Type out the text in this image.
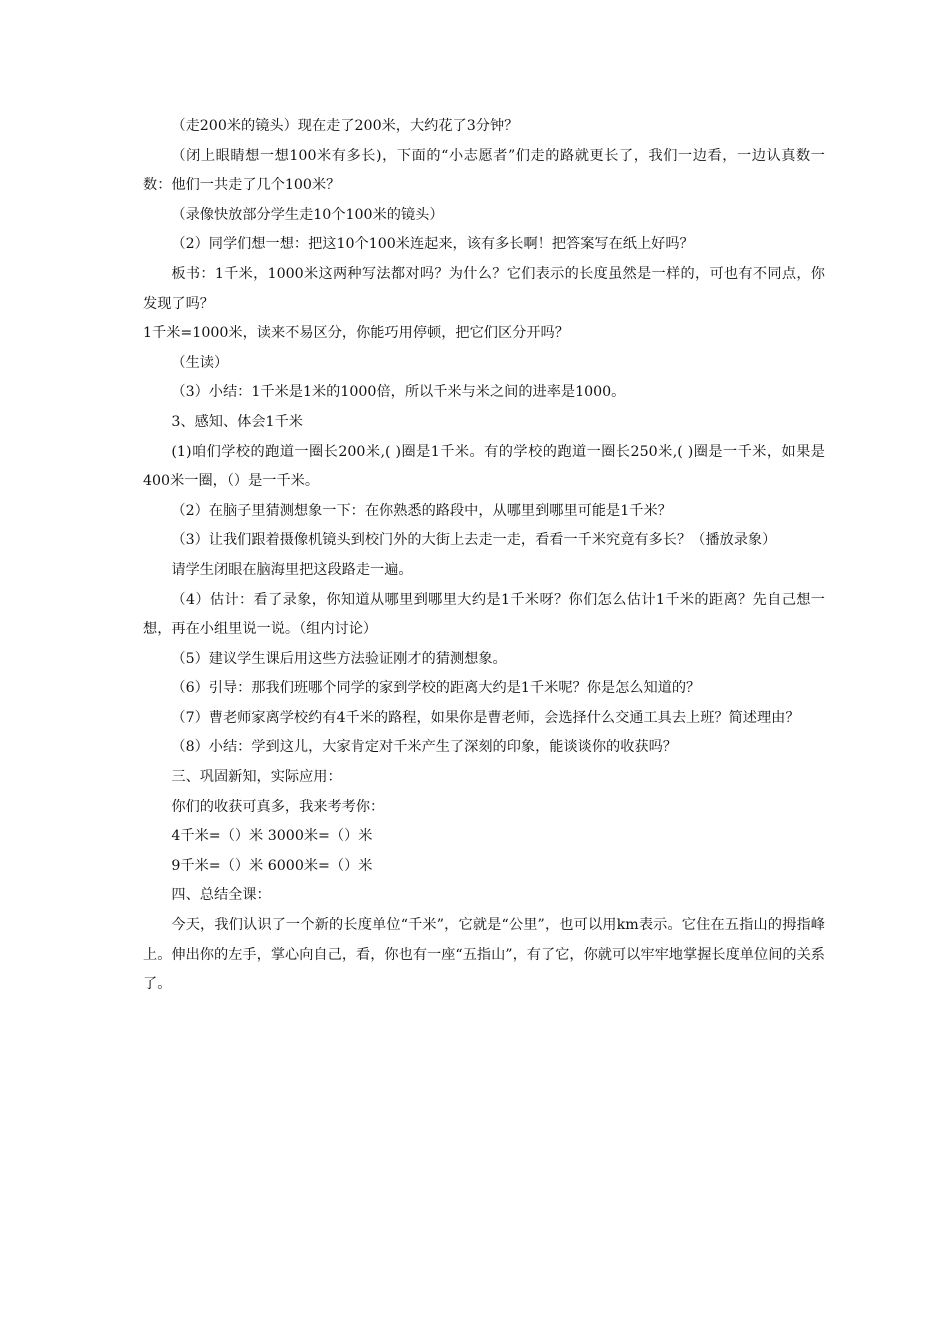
（走200米的镜头）现在走了200米，大约花了3分钟？

（闭上眼睛想一想100米有多长)，下面的“小志愿者”们走的路就更长了，我们一边看，一边认真数一数：他们一共走了几个100米？

（录像快放部分学生走10个100米的镜头）

（2）同学们想一想：把这10个100米连起来，该有多长啊！把答案写在纸上好吗？

板书：1千米，1000米这两种写法都对吗？为什么？它们表示的长度虽然是一样的，可也有不同点，你发现了吗？

1千米=1000米，读来不易区分，你能巧用停顿，把它们区分开吗？

（生读）

（3）小结：1千米是1米的1000倍，所以千米与米之间的进率是1000。

3、感知、体会1千米

(1)咱们学校的跑道一圈长200米,( )圈是1千米。有的学校的跑道一圈长250米,( )圈是一千米，如果是400米一圈，（）是一千米。

（2）在脑子里猜测想象一下：在你熟悉的路段中，从哪里到哪里可能是1千米？

（3）让我们跟着摄像机镜头到校门外的大街上去走一走，看看一千米究竟有多长？（播放录象）

请学生闭眼在脑海里把这段路走一遍。

（4）估计：看了录象，你知道从哪里到哪里大约是1千米呀？你们怎么估计1千米的距离？先自己想一想，再在小组里说一说。（组内讨论）

（5）建议学生课后用这些方法验证刚才的猜测想象。

（6）引导：那我们班哪个同学的家到学校的距离大约是1千米呢？你是怎么知道的？

（7）曹老师家离学校约有4千米的路程，如果你是曹老师，会选择什么交通工具去上班？简述理由？

（8）小结：学到这儿，大家肯定对千米产生了深刻的印象，能谈谈你的收获吗？

三、巩固新知，实际应用：

你们的收获可真多，我来考考你：

4千米=（）米 3000米=（）米

9千米=（）米 6000米=（）米

四、总结全课：

今天，我们认识了一个新的长度单位“千米”，它就是“公里”，也可以用km表示。它住在五指山的拇指峰上。伸出你的左手，掌心向自己，看，你也有一座“五指山”，有了它，你就可以牢牢地掌握长度单位间的关系了。
